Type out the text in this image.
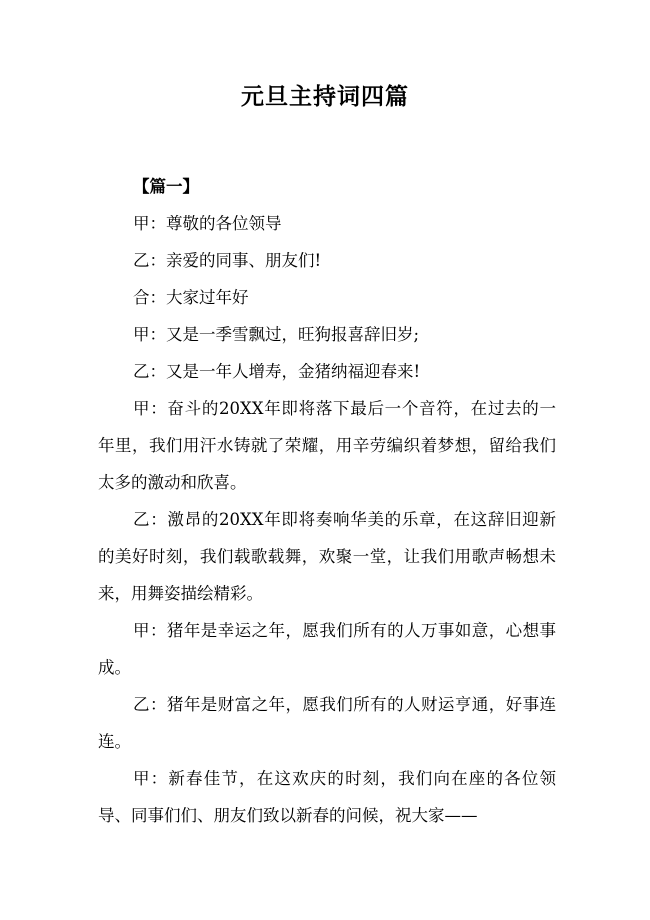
元旦主持词四篇

【篇一】

甲：尊敬的各位领导

乙：亲爱的同事、朋友们!

合：大家过年好

甲：又是一季雪飘过，旺狗报喜辞旧岁;

乙：又是一年人增寿，金猪纳福迎春来!

甲：奋斗的20XX年即将落下最后一个音符，在过去的一年里，我们用汗水铸就了荣耀，用辛劳编织着梦想，留给我们太多的激动和欣喜。

乙：激昂的20XX年即将奏响华美的乐章，在这辞旧迎新的美好时刻，我们载歌载舞，欢聚一堂，让我们用歌声畅想未来，用舞姿描绘精彩。

甲：猪年是幸运之年，愿我们所有的人万事如意，心想事成。

乙：猪年是财富之年，愿我们所有的人财运亨通，好事连连。

甲：新春佳节，在这欢庆的时刻，我们向在座的各位领导、同事们们、朋友们致以新春的问候，祝大家——
